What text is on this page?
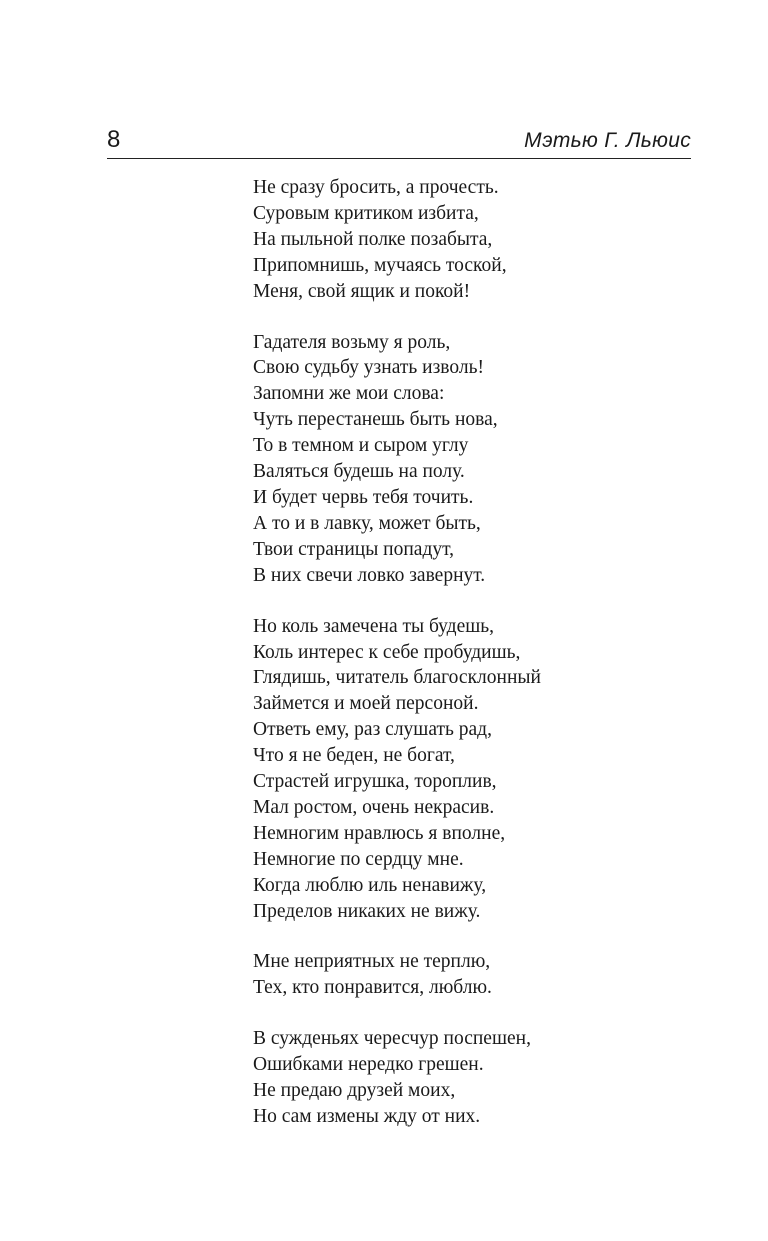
8	Мэтью Г. Льюис
Не сразу бросить, а прочесть.
Суровым критиком избита,
На пыльной полке позабыта,
Припомнишь, мучаясь тоской,
Меня, свой ящик и покой!
Гадателя возьму я роль,
Свою судьбу узнать изволь!
Запомни же мои слова:
Чуть перестанешь быть нова,
То в темном и сыром углу
Валяться будешь на полу.
И будет червь тебя точить.
А то и в лавку, может быть,
Твои страницы попадут,
В них свечи ловко завернут.
Но коль замечена ты будешь,
Коль интерес к себе пробудишь,
Глядишь, читатель благосклонный
Займется и моей персоной.
Ответь ему, раз слушать рад,
Что я не беден, не богат,
Страстей игрушка, тороплив,
Мал ростом, очень некрасив.
Немногим нравлюсь я вполне,
Немногие по сердцу мне.
Когда люблю иль ненавижу,
Пределов никаких не вижу.
Мне неприятных не терплю,
Тех, кто понравится, люблю.
В сужденьях чересчур поспешен,
Ошибками нередко грешен.
Не предаю друзей моих,
Но сам измены жду от них.
